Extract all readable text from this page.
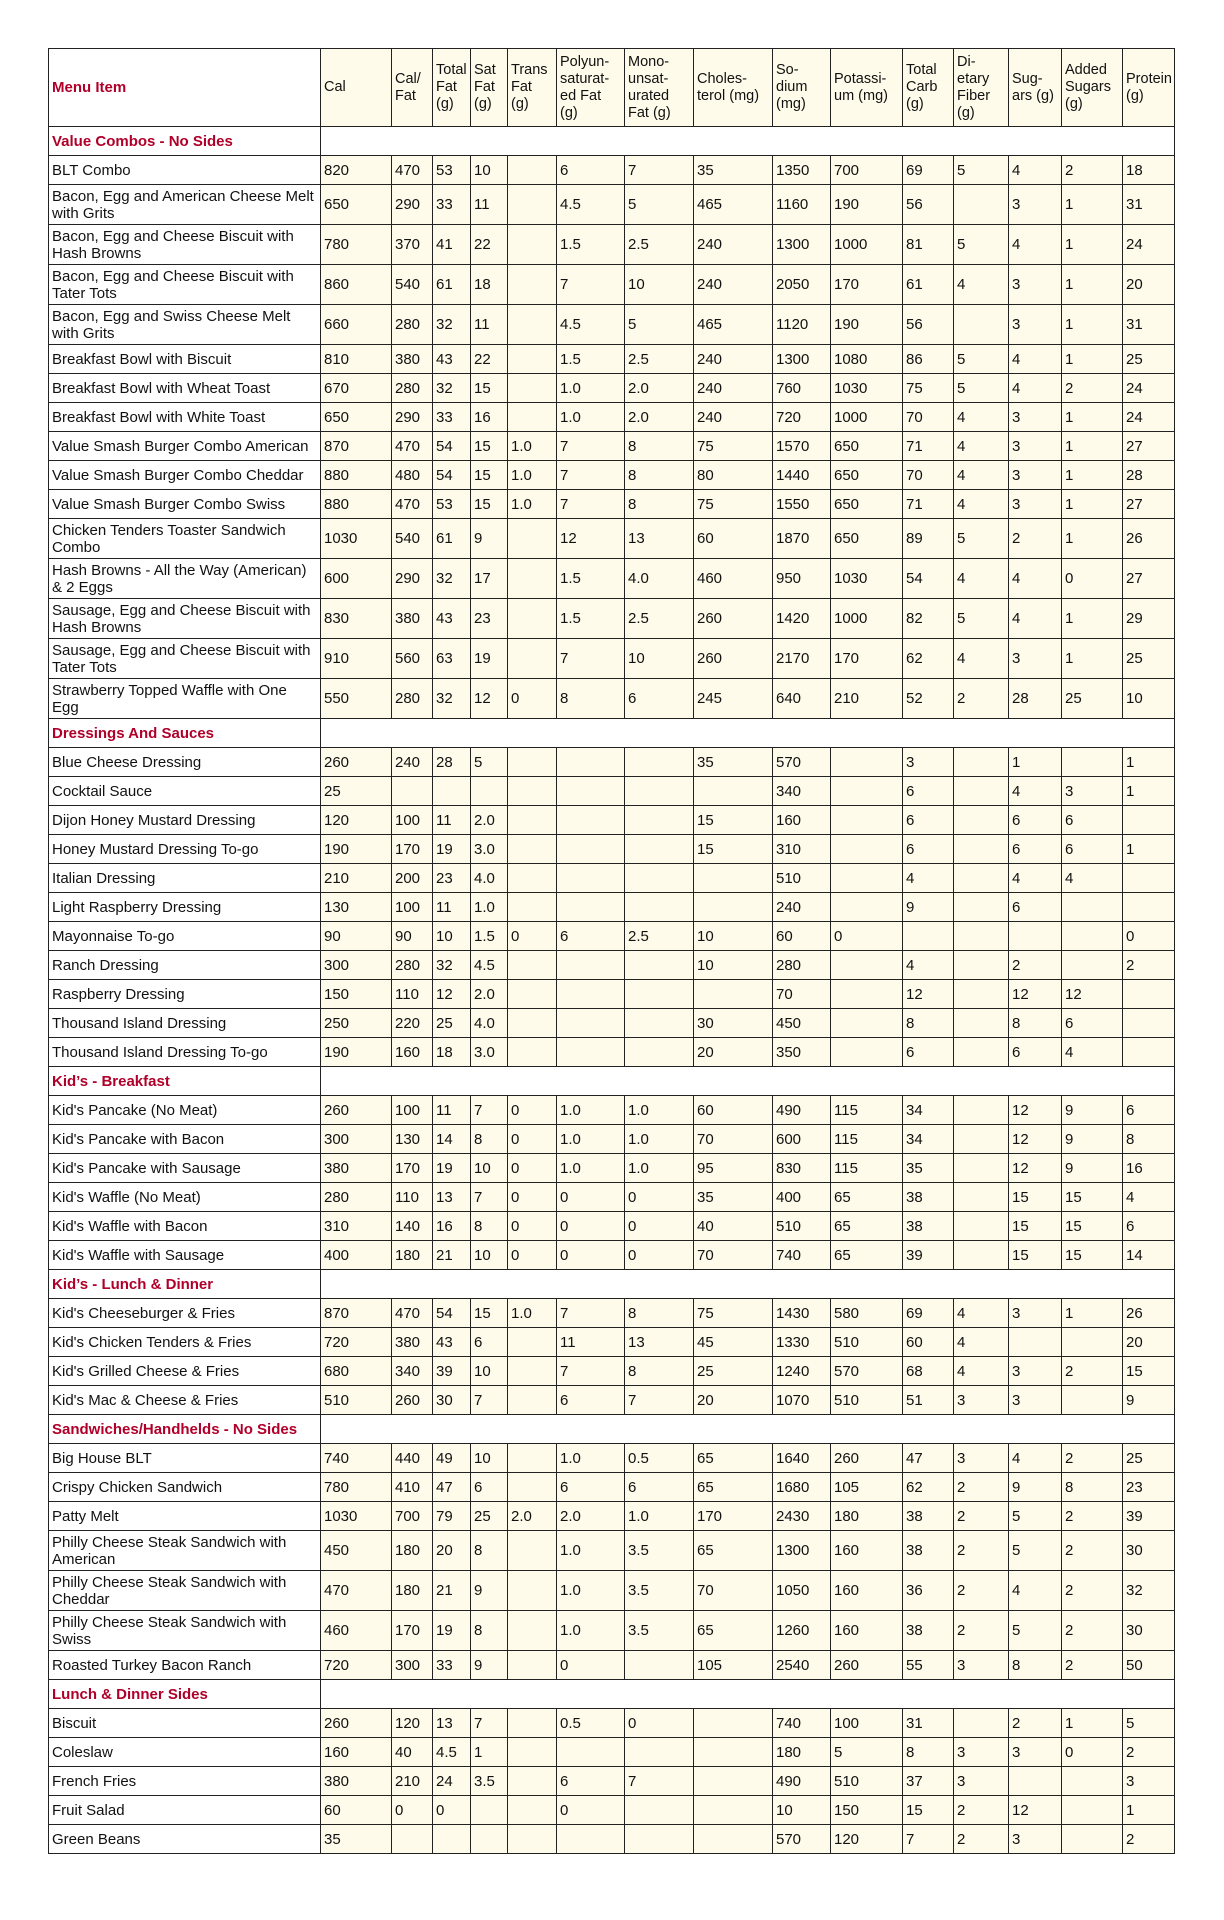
Menu Item	Cal	Cal/ Fat	Total Fat (g)	Sat Fat (g)	Trans Fat (g)	Polyun- saturat- ed Fat (g)	Mono- unsat- urated Fat (g)	Choles- terol (mg)	So- dium (mg)	Potassi- um (mg)	Total Carb (g)	Di- etary Fiber (g)	Sug- ars (g)	Added Sugars (g)	Protein (g)
Value Combos - No Sides															
BLT Combo	820	470	53	10		6	7	35	1350	700	69	5	4	2	18
Bacon, Egg and American Cheese Melt with Grits	650	290	33	11		4.5	5	465	1160	190	56		3	1	31
Bacon, Egg and Cheese Biscuit with Hash Browns	780	370	41	22		1.5	2.5	240	1300	1000	81	5	4	1	24
Bacon, Egg and Cheese Biscuit with Tater Tots	860	540	61	18		7	10	240	2050	170	61	4	3	1	20
Bacon, Egg and Swiss Cheese Melt with Grits	660	280	32	11		4.5	5	465	1120	190	56		3	1	31
Breakfast Bowl with Biscuit	810	380	43	22		1.5	2.5	240	1300	1080	86	5	4	1	25
Breakfast Bowl with Wheat Toast	670	280	32	15		1.0	2.0	240	760	1030	75	5	4	2	24
Breakfast Bowl with White Toast	650	290	33	16		1.0	2.0	240	720	1000	70	4	3	1	24
Value Smash Burger Combo American	870	470	54	15	1.0	7	8	75	1570	650	71	4	3	1	27
Value Smash Burger Combo Cheddar	880	480	54	15	1.0	7	8	80	1440	650	70	4	3	1	28
Value Smash Burger Combo Swiss	880	470	53	15	1.0	7	8	75	1550	650	71	4	3	1	27
Chicken Tenders Toaster Sandwich Combo	1030	540	61	9		12	13	60	1870	650	89	5	2	1	26
Hash Browns - All the Way (American) & 2 Eggs	600	290	32	17		1.5	4.0	460	950	1030	54	4	4	0	27
Sausage, Egg and Cheese Biscuit with Hash Browns	830	380	43	23		1.5	2.5	260	1420	1000	82	5	4	1	29
Sausage, Egg and Cheese Biscuit with Tater Tots	910	560	63	19		7	10	260	2170	170	62	4	3	1	25
Strawberry Topped Waffle with One Egg	550	280	32	12	0	8	6	245	640	210	52	2	28	25	10
Dressings And Sauces															
Blue Cheese Dressing	260	240	28	5				35	570		3		1		1
Cocktail Sauce	25								340		6		4	3	1
Dijon Honey Mustard Dressing	120	100	11	2.0				15	160		6		6	6	
Honey Mustard Dressing To-go	190	170	19	3.0				15	310		6		6	6	1
Italian Dressing	210	200	23	4.0					510		4		4	4	
Light Raspberry Dressing	130	100	11	1.0					240		9		6		
Mayonnaise To-go	90	90	10	1.5	0	6	2.5	10	60	0					0
Ranch Dressing	300	280	32	4.5				10	280		4		2		2
Raspberry Dressing	150	110	12	2.0					70		12		12	12	
Thousand Island Dressing	250	220	25	4.0				30	450		8		8	6	
Thousand Island Dressing To-go	190	160	18	3.0				20	350		6		6	4	
Kid’s - Breakfast															
Kid's Pancake (No Meat)	260	100	11	7	0	1.0	1.0	60	490	115	34		12	9	6
Kid's Pancake with Bacon	300	130	14	8	0	1.0	1.0	70	600	115	34		12	9	8
Kid's Pancake with Sausage	380	170	19	10	0	1.0	1.0	95	830	115	35		12	9	16
Kid's Waffle (No Meat)	280	110	13	7	0	0	0	35	400	65	38		15	15	4
Kid's Waffle with Bacon	310	140	16	8	0	0	0	40	510	65	38		15	15	6
Kid's Waffle with Sausage	400	180	21	10	0	0	0	70	740	65	39		15	15	14
Kid’s - Lunch & Dinner															
Kid's Cheeseburger & Fries	870	470	54	15	1.0	7	8	75	1430	580	69	4	3	1	26
Kid's Chicken Tenders & Fries	720	380	43	6		11	13	45	1330	510	60	4			20
Kid's Grilled Cheese & Fries	680	340	39	10		7	8	25	1240	570	68	4	3	2	15
Kid's Mac & Cheese & Fries	510	260	30	7		6	7	20	1070	510	51	3	3		9
Sandwiches/Handhelds - No Sides															
Big House BLT	740	440	49	10		1.0	0.5	65	1640	260	47	3	4	2	25
Crispy Chicken Sandwich	780	410	47	6		6	6	65	1680	105	62	2	9	8	23
Patty Melt	1030	700	79	25	2.0	2.0	1.0	170	2430	180	38	2	5	2	39
Philly Cheese Steak Sandwich with American	450	180	20	8		1.0	3.5	65	1300	160	38	2	5	2	30
Philly Cheese Steak Sandwich with Cheddar	470	180	21	9		1.0	3.5	70	1050	160	36	2	4	2	32
Philly Cheese Steak Sandwich with Swiss	460	170	19	8		1.0	3.5	65	1260	160	38	2	5	2	30
Roasted Turkey Bacon Ranch	720	300	33	9		0		105	2540	260	55	3	8	2	50
Lunch & Dinner Sides															
Biscuit	260	120	13	7		0.5	0		740	100	31		2	1	5
Coleslaw	160	40	4.5	1					180	5	8	3	3	0	2
French Fries	380	210	24	3.5		6	7		490	510	37	3			3
Fruit Salad	60	0	0			0			10	150	15	2	12		1
Green Beans	35								570	120	7	2	3		2
